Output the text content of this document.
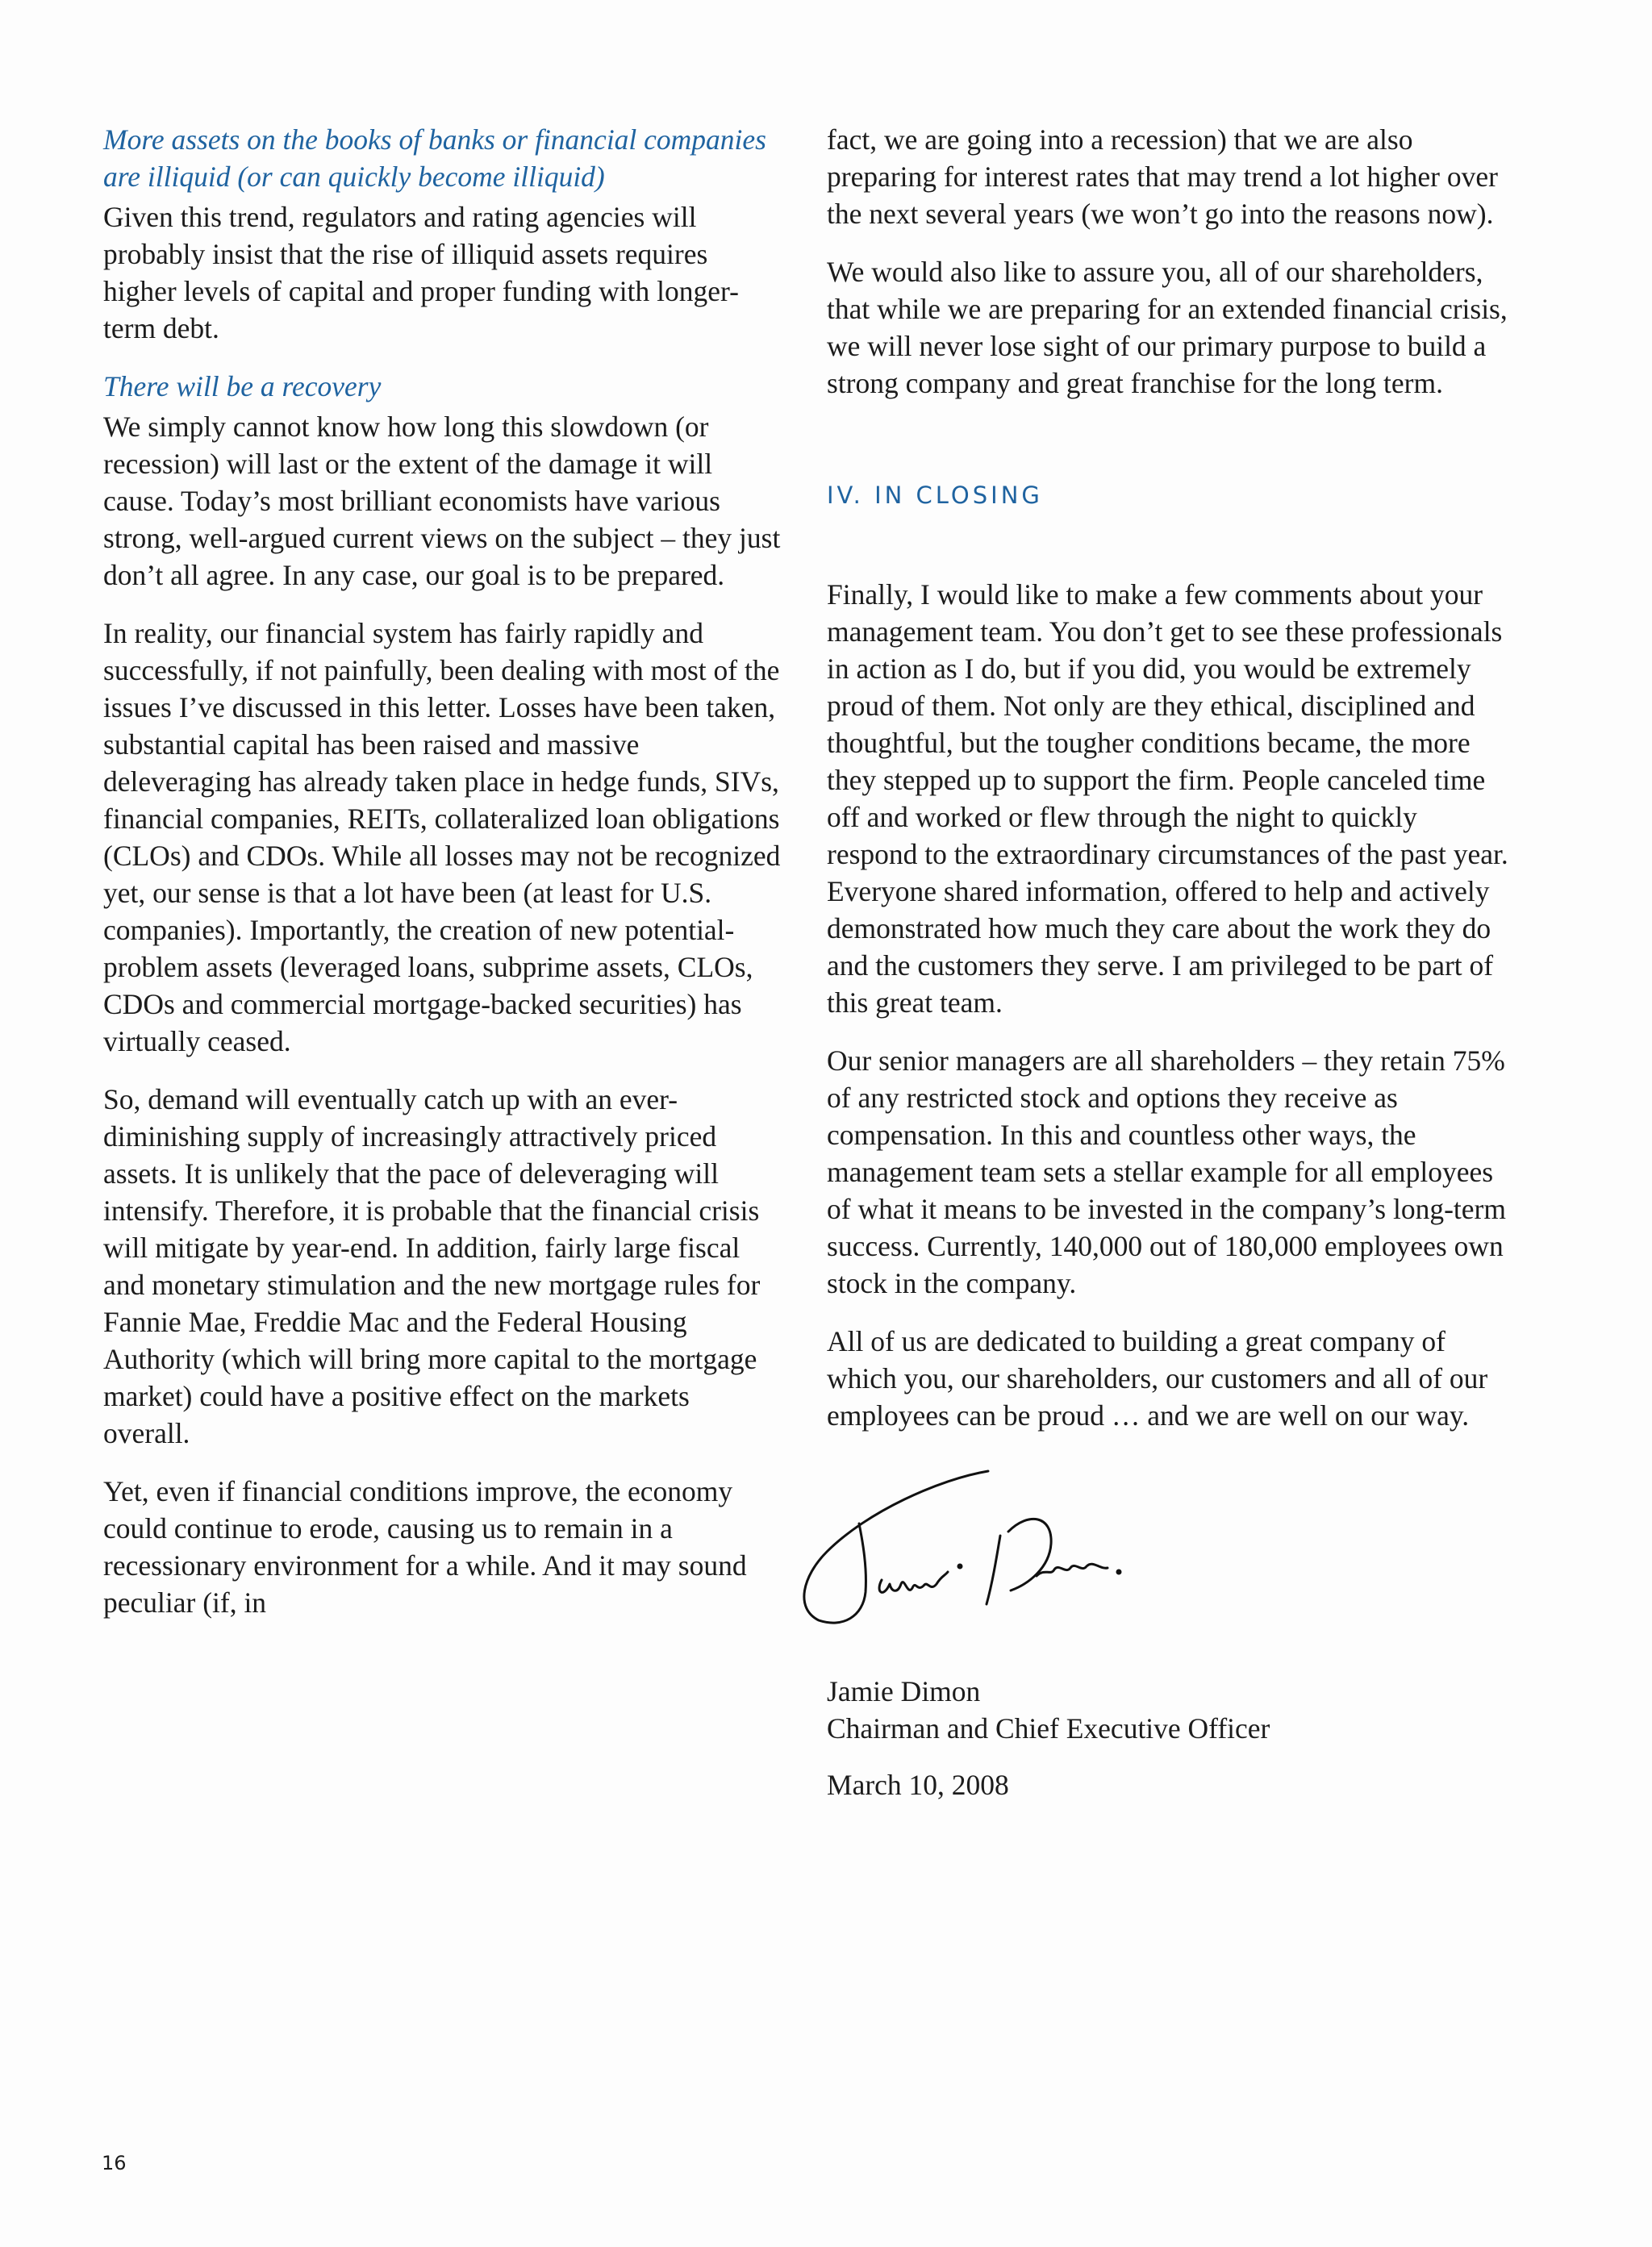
More assets on the books of banks or financial companies are illiquid (or can quickly become illiquid)

Given this trend, regulators and rating agencies will probably insist that the rise of illiquid assets requires higher levels of capital and proper funding with longer-term debt.

There will be a recovery

We simply cannot know how long this slowdown (or recession) will last or the extent of the damage it will cause. Today’s most brilliant economists have various strong, well-argued current views on the subject – they just don’t all agree. In any case, our goal is to be prepared.

In reality, our financial system has fairly rapidly and successfully, if not painfully, been dealing with most of the issues I’ve discussed in this letter. Losses have been taken, substantial capital has been raised and massive deleveraging has already taken place in hedge funds, SIVs, financial companies, REITs, collateralized loan obligations (CLOs) and CDOs. While all losses may not be recognized yet, our sense is that a lot have been (at least for U.S. companies). Importantly, the creation of new potential-problem assets (leveraged loans, subprime assets, CLOs, CDOs and commercial mortgage-backed securities) has virtually ceased.

So, demand will eventually catch up with an ever-diminishing supply of increasingly attractively priced assets. It is unlikely that the pace of deleveraging will intensify. Therefore, it is probable that the financial crisis will mitigate by year-end. In addition, fairly large fiscal and monetary stimulation and the new mortgage rules for Fannie Mae, Freddie Mac and the Federal Housing Authority (which will bring more capital to the mortgage market) could have a positive effect on the markets overall.

Yet, even if financial conditions improve, the economy could continue to erode, causing us to remain in a recessionary environment for a while. And it may sound peculiar (if, in

fact, we are going into a recession) that we are also preparing for interest rates that may trend a lot higher over the next several years (we won’t go into the reasons now).

We would also like to assure you, all of our shareholders, that while we are preparing for an extended financial crisis, we will never lose sight of our primary purpose to build a strong company and great franchise for the long term.

IV. IN CLOSING

Finally, I would like to make a few comments about your management team. You don’t get to see these professionals in action as I do, but if you did, you would be extremely proud of them. Not only are they ethical, disciplined and thoughtful, but the tougher conditions became, the more they stepped up to support the firm. People canceled time off and worked or flew through the night to quickly respond to the extraordinary circumstances of the past year. Everyone shared information, offered to help and actively demonstrated how much they care about the work they do and the customers they serve. I am privileged to be part of this great team.

Our senior managers are all shareholders – they retain 75% of any restricted stock and options they receive as compensation. In this and countless other ways, the management team sets a stellar example for all employees of what it means to be invested in the company’s long-term success. Currently, 140,000 out of 180,000 employees own stock in the company.

All of us are dedicated to building a great company of which you, our shareholders, our customers and all of our employees can be proud … and we are well on our way.

Jamie Dimon

Chairman and Chief Executive Officer

March 10, 2008

16
